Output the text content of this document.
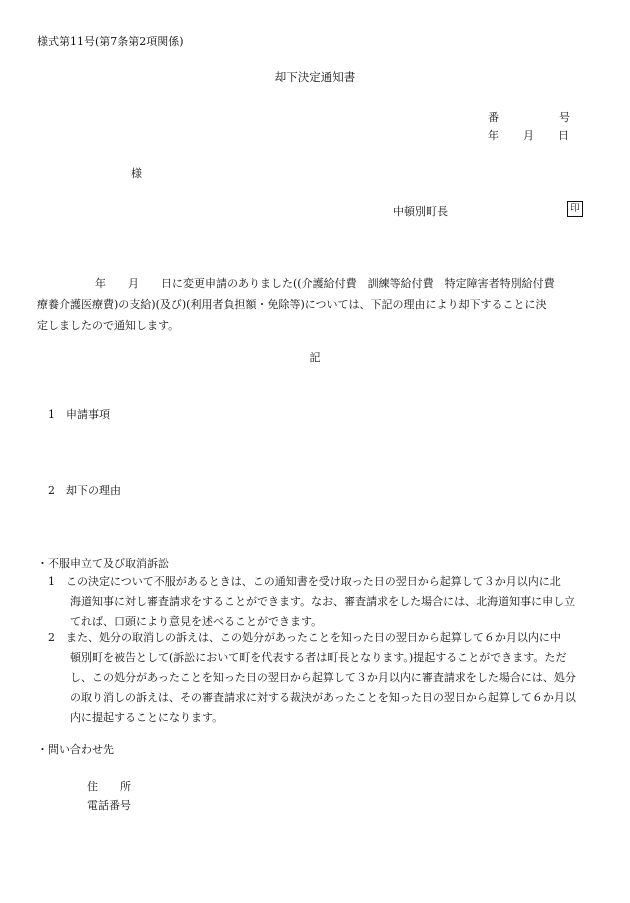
様式第11号(第7条第2項関係)
却下決定通知書
番	号
年 月 日
様
中頓別町長	印

年　　月　　日に変更申請のありました((介護給付費　訓練等給付費　特定障害者特別給付費

療養介護医療費)の支給)(及び)(利用者負担額・免除等)については、下記の理由により却下することに決

定しましたので通知します。

記
1　申請事項
2　却下の理由
・不服申立て及び取消訴訟

1　この決定について不服があるときは、この通知書を受け取った日の翌日から起算して３か月以内に北

海道知事に対し審査請求をすることができます。なお、審査請求をした場合には、北海道知事に申し立

てれば、口頭により意見を述べることができます。

2　また、処分の取消しの訴えは、この処分があったことを知った日の翌日から起算して６か月以内に中

頓別町を被告として(訴訟において町を代表する者は町長となります。)提起することができます。ただ

し、この処分があったことを知った日の翌日から起算して３か月以内に審査請求をした場合には、処分

の取り消しの訴えは、その審査請求に対する裁決があったことを知った日の翌日から起算して６か月以

内に提起することになります。

・問い合わせ先
住　　所
電話番号
